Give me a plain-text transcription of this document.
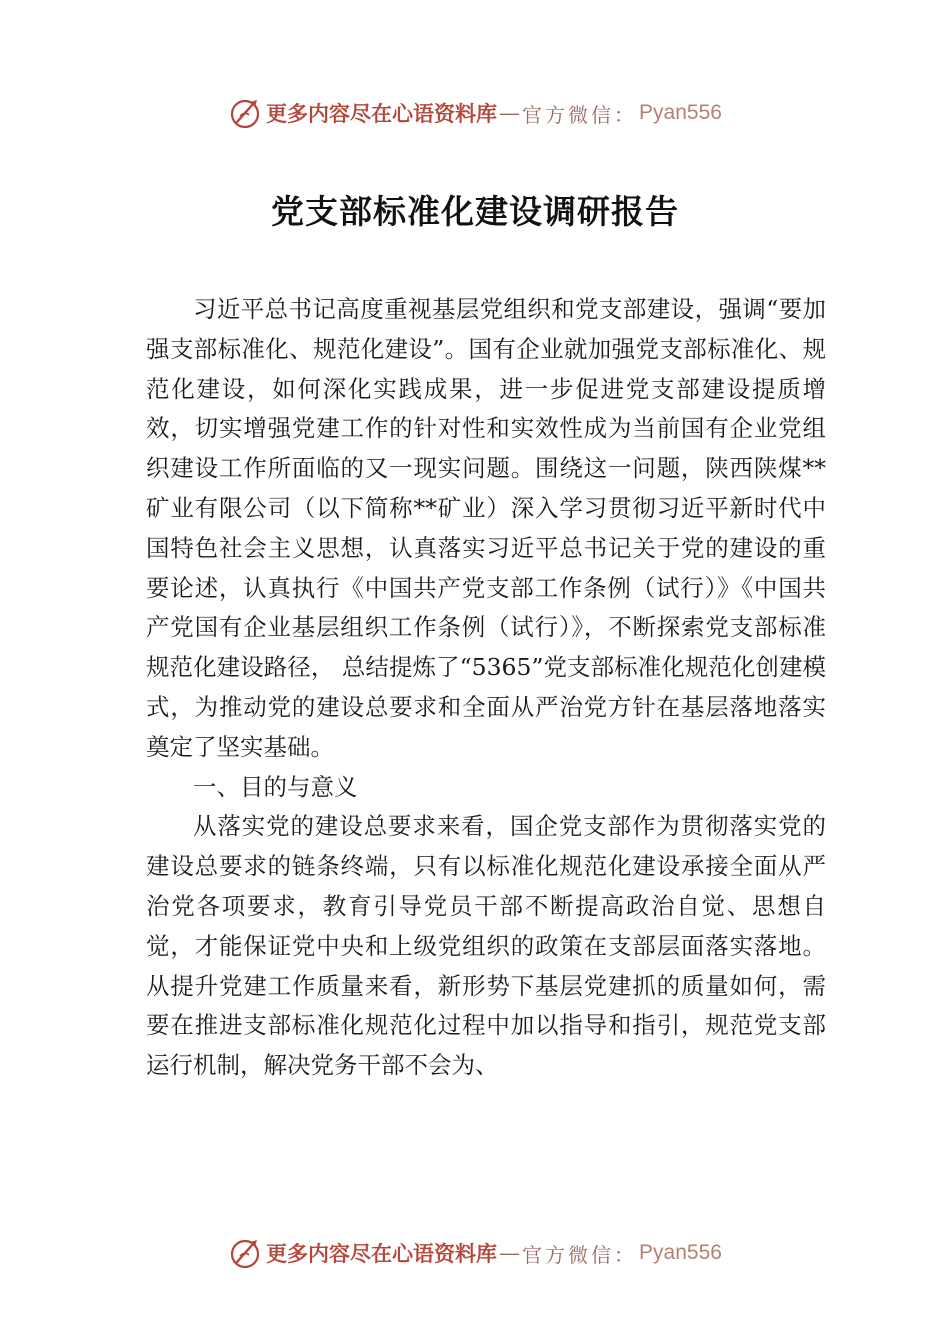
更多内容尽在心语资料库 — 官方微信： Pyan556
党支部标准化建设调研报告

习近平总书记高度重视基层党组织和党支部建设，强调“要加强支部标准化、规范化建设”。国有企业就加强党支部标准化、规范化建设，如何深化实践成果，进一步促进党支部建设提质增效，切实增强党建工作的针对性和实效性成为当前国有企业党组织建设工作所面临的又一现实问题。围绕这一问题，陕西陕煤**矿业有限公司（以下简称**矿业）深入学习贯彻习近平新时代中国特色社会主义思想，认真落实习近平总书记关于党的建设的重要论述，认真执行《中国共产党支部工作条例（试行）》《中国共产党国有企业基层组织工作条例（试行）》，不断探索党支部标准规范化建设路径， 总结提炼了“5365”党支部标准化规范化创建模式，为推动党的建设总要求和全面从严治党方针在基层落地落实奠定了坚实基础。

一、目的与意义

从落实党的建设总要求来看，国企党支部作为贯彻落实党的建设总要求的链条终端，只有以标准化规范化建设承接全面从严治党各项要求，教育引导党员干部不断提高政治自觉、思想自觉，才能保证党中央和上级党组织的政策在支部层面落实落地。从提升党建工作质量来看，新形势下基层党建抓的质量如何，需要在推进支部标准化规范化过程中加以指导和指引，规范党支部运行机制，解决党务干部不会为、

更多内容尽在心语资料库 — 官方微信： Pyan556
